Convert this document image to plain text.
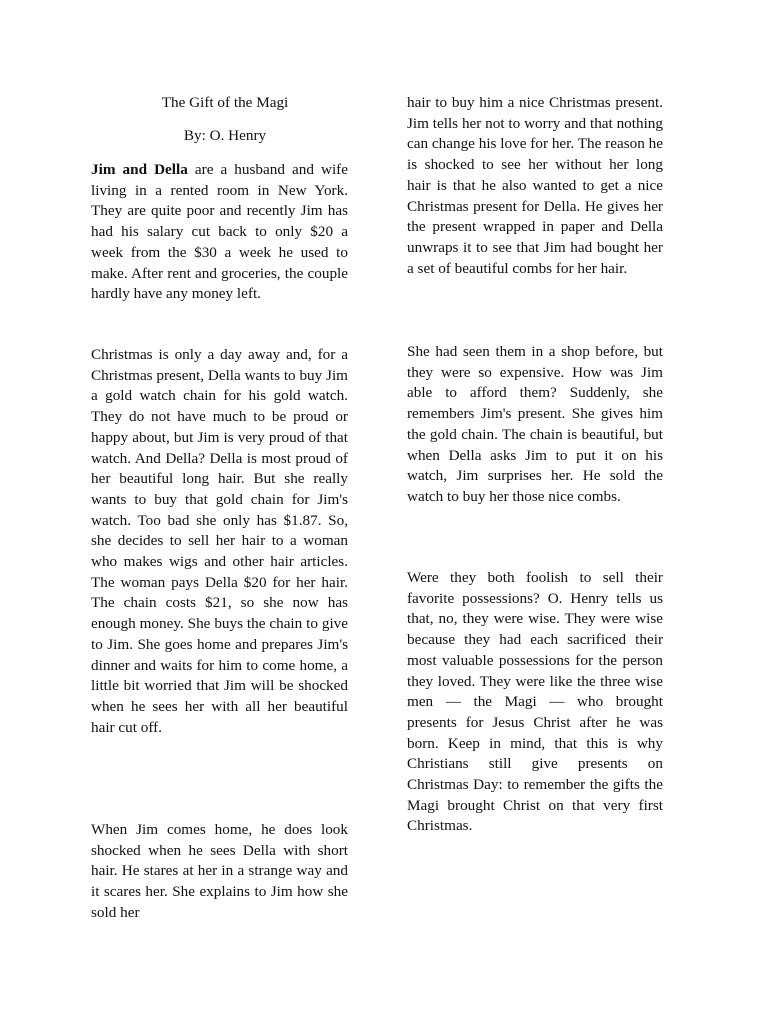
The Gift of the Magi
By: O. Henry

Jim and Della are a husband and wife living in a rented room in New York. They are quite poor and recently Jim has had his salary cut back to only $20 a week from the $30 a week he used to make. After rent and groceries, the couple hardly have any money left.

Christmas is only a day away and, for a Christmas present, Della wants to buy Jim a gold watch chain for his gold watch. They do not have much to be proud or happy about, but Jim is very proud of that watch. And Della? Della is most proud of her beautiful long hair. But she really wants to buy that gold chain for Jim's watch. Too bad she only has $1.87. So, she decides to sell her hair to a woman who makes wigs and other hair articles. The woman pays Della $20 for her hair. The chain costs $21, so she now has enough money. She buys the chain to give to Jim. She goes home and prepares Jim's dinner and waits for him to come home, a little bit worried that Jim will be shocked when he sees her with all her beautiful hair cut off.

When Jim comes home, he does look shocked when he sees Della with short hair. He stares at her in a strange way and it scares her. She explains to Jim how she sold her

hair to buy him a nice Christmas present. Jim tells her not to worry and that nothing can change his love for her. The reason he is shocked to see her without her long hair is that he also wanted to get a nice Christmas present for Della. He gives her the present wrapped in paper and Della unwraps it to see that Jim had bought her a set of beautiful combs for her hair.

She had seen them in a shop before, but they were so expensive. How was Jim able to afford them? Suddenly, she remembers Jim's present. She gives him the gold chain. The chain is beautiful, but when Della asks Jim to put it on his watch, Jim surprises her. He sold the watch to buy her those nice combs.

Were they both foolish to sell their favorite possessions? O. Henry tells us that, no, they were wise. They were wise because they had each sacrificed their most valuable possessions for the person they loved. They were like the three wise men — the Magi — who brought presents for Jesus Christ after he was born. Keep in mind, that this is why Christians still give presents on Christmas Day: to remember the gifts the Magi brought Christ on that very first Christmas.
